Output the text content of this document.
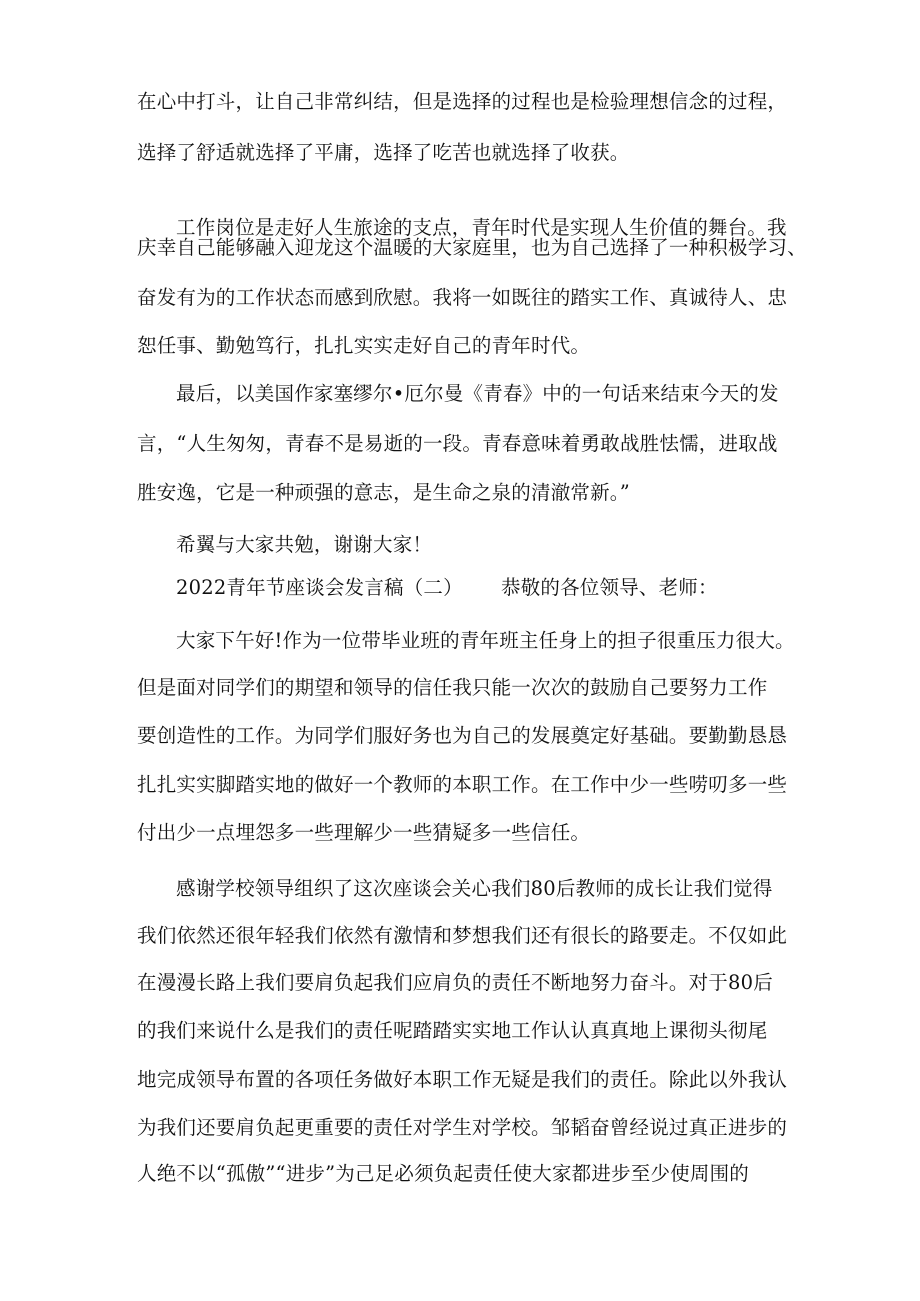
在心中打斗，让自己非常纠结，但是选择的过程也是检验理想信念的过程，
选择了舒适就选择了平庸，选择了吃苦也就选择了收获。
工作岗位是走好人生旅途的支点，青年时代是实现人生价值的舞台。我
庆幸自己能够融入迎龙这个温暖的大家庭里，也为自己选择了一种积极学习、
奋发有为的工作状态而感到欣慰。我将一如既往的踏实工作、真诚待人、忠
恕任事、勤勉笃行，扎扎实实走好自己的青年时代。
最后，以美国作家塞缪尔•厄尔曼《青春》中的一句话来结束今天的发
言，“人生匆匆，青春不是易逝的一段。青春意味着勇敢战胜怯懦，进取战
胜安逸，它是一种顽强的意志，是生命之泉的清澈常新。”
希翼与大家共勉，谢谢大家！
2022青年节座谈会发言稿（二） 恭敬的各位领导、老师：
大家下午好!作为一位带毕业班的青年班主任身上的担子很重压力很大。
但是面对同学们的期望和领导的信任我只能一次次的鼓励自己要努力工作
要创造性的工作。为同学们服好务也为自己的发展奠定好基础。要勤勤恳恳
扎扎实实脚踏实地的做好一个教师的本职工作。在工作中少一些唠叨多一些
付出少一点埋怨多一些理解少一些猜疑多一些信任。
感谢学校领导组织了这次座谈会关心我们80后教师的成长让我们觉得
我们依然还很年轻我们依然有激情和梦想我们还有很长的路要走。不仅如此
在漫漫长路上我们要肩负起我们应肩负的责任不断地努力奋斗。对于80后
的我们来说什么是我们的责任呢踏踏实实地工作认认真真地上课彻头彻尾
地完成领导布置的各项任务做好本职工作无疑是我们的责任。除此以外我认
为我们还要肩负起更重要的责任对学生对学校。邹韬奋曾经说过真正进步的
人绝不以“孤傲”“进步”为己足必须负起责任使大家都进步至少使周围的
